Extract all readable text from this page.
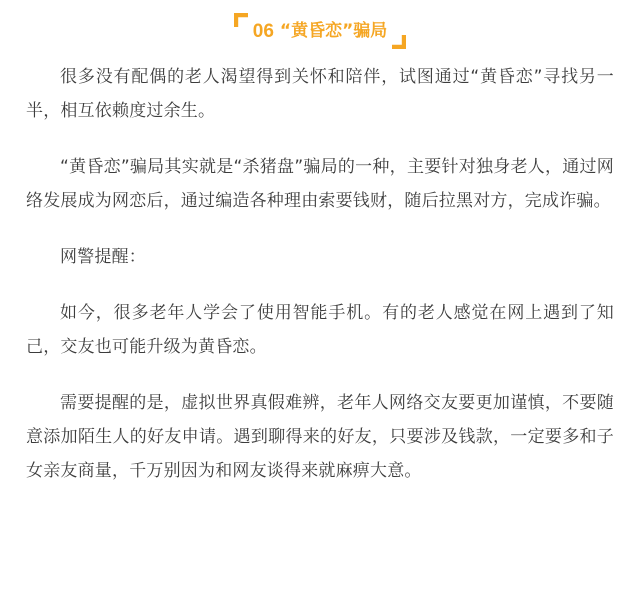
06 “黄昏恋”骗局

很多没有配偶的老人渴望得到关怀和陪伴，试图通过“黄昏恋”寻找另一半，相互依赖度过余生。

“黄昏恋”骗局其实就是“杀猪盘”骗局的一种，主要针对独身老人，通过网络发展成为网恋后，通过编造各种理由索要钱财，随后拉黑对方，完成诈骗。

网警提醒：

如今，很多老年人学会了使用智能手机。有的老人感觉在网上遇到了知己，交友也可能升级为黄昏恋。

需要提醒的是，虚拟世界真假难辨，老年人网络交友要更加谨慎，不要随意添加陌生人的好友申请。遇到聊得来的好友，只要涉及钱款，一定要多和子女亲友商量，千万别因为和网友谈得来就麻痹大意。
